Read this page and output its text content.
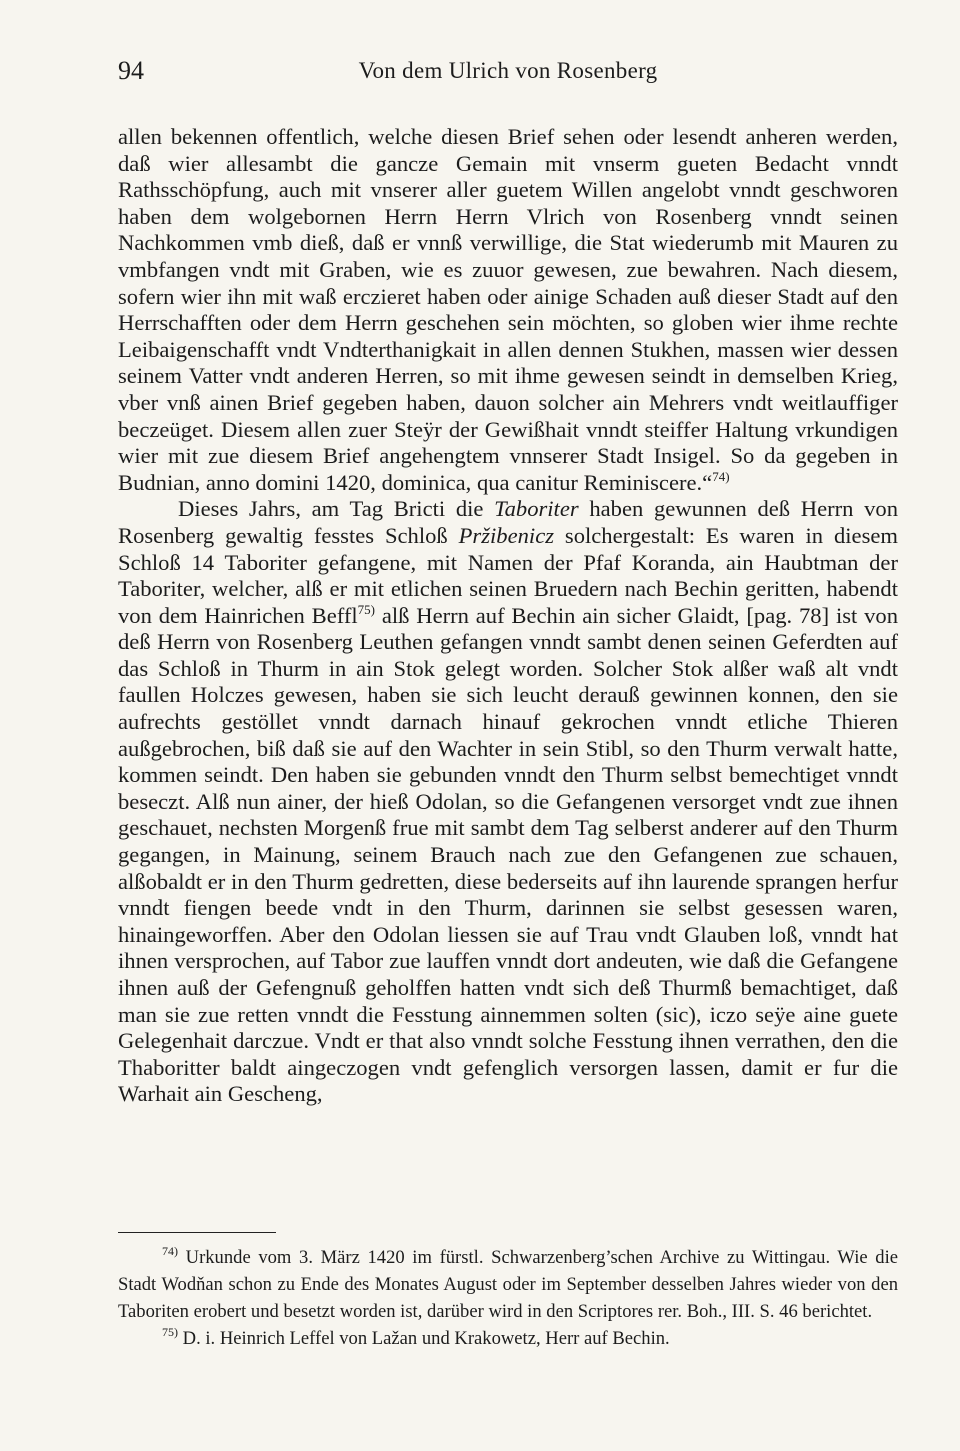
94	Von dem Ulrich von Rosenberg

allen bekennen offentlich, welche diesen Brief sehen oder lesendt anheren werden, daß wier allesambt die gancze Gemain mit vnserm gueten Bedacht vnndt Rathsschöpfung, auch mit vnserer aller guetem Willen angelobt vnndt geschworen haben dem wolgebornen Herrn Herrn Vlrich von Rosenberg vnndt seinen Nachkommen vmb dieß, daß er vnnß verwillige, die Stat wiederumb mit Mauren zu vmbfangen vndt mit Graben, wie es zuuor gewesen, zue bewahren. Nach diesem, sofern wier ihn mit waß erczieret haben oder ainige Schaden auß dieser Stadt auf den Herrschafften oder dem Herrn geschehen sein möchten, so globen wier ihme rechte Leibaigenschafft vndt Vndterthanigkait in allen dennen Stukhen, massen wier dessen seinem Vatter vndt anderen Herren, so mit ihme gewesen seindt in demselben Krieg, vber vnß ainen Brief gegeben haben, dauon solcher ain Mehrers vndt weitlauffiger beczeüget. Diesem allen zuer Steÿr der Gewißhait vnndt steiffer Haltung vrkundigen wier mit zue diesem Brief angehengtem vnnserer Stadt Insigel. So da gegeben in Budnian, anno domini 1420, dominica, qua canitur Reminiscere.“$^{74)}$

Dieses Jahrs, am Tag Bricti die Taboriter haben gewunnen deß Herrn von Rosenberg gewaltig fesstes Schloß Pržibenicz solchergestalt: Es waren in diesem Schloß 14 Taboriter gefangene, mit Namen der Pfaf Koranda, ain Haubtman der Taboriter, welcher, alß er mit etlichen seinen Bruedern nach Bechin geritten, habendt von dem Hainrichen Beffl$^{75)}$ alß Herrn auf Bechin ain sicher Glaidt, [pag. 78] ist von deß Herrn von Rosenberg Leuthen gefangen vnndt sambt denen seinen Geferdten auf das Schloß in Thurm in ain Stok gelegt worden. Solcher Stok alßer waß alt vndt faullen Holczes gewesen, haben sie sich leucht derauß gewinnen konnen, den sie aufrechts gestöllet vnndt darnach hinauf gekrochen vnndt etliche Thieren außgebrochen, biß daß sie auf den Wachter in sein Stibl, so den Thurm verwalt hatte, kommen seindt. Den haben sie gebunden vnndt den Thurm selbst bemechtiget vnndt beseczt. Alß nun ainer, der hieß Odolan, so die Gefangenen versorget vndt zue ihnen geschauet, nechsten Morgenß frue mit sambt dem Tag selberst anderer auf den Thurm gegangen, in Mainung, seinem Brauch nach zue den Gefangenen zue schauen, alßobaldt er in den Thurm gedretten, diese bederseits auf ihn laurende sprangen herfur vnndt fiengen beede vndt in den Thurm, darinnen sie selbst gesessen waren, hinaingeworffen. Aber den Odolan liessen sie auf Trau vndt Glauben loß, vnndt hat ihnen versprochen, auf Tabor zue lauffen vnndt dort andeuten, wie daß die Gefangene ihnen auß der Gefengnuß geholffen hatten vndt sich deß Thurmß bemachtiget, daß man sie zue retten vnndt die Fesstung ainnemmen solten (sic), iczo seÿe aine guete Gelegenhait darczue. Vndt er that also vnndt solche Fesstung ihnen verrathen, den die Thaboritter baldt aingeczogen vndt gefenglich versorgen lassen, damit er fur die Warhait ain Gescheng,

$^{74)}$ Urkunde vom 3. März 1420 im fürstl. Schwarzenberg’schen Archive zu Wittingau. Wie die Stadt Wodňan schon zu Ende des Monates August oder im September desselben Jahres wieder von den Taboriten erobert und besetzt worden ist, darüber wird in den Scriptores rer. Boh., III. S. 46 berichtet.

$^{75)}$ D. i. Heinrich Leffel von Lažan und Krakowetz, Herr auf Bechin.
